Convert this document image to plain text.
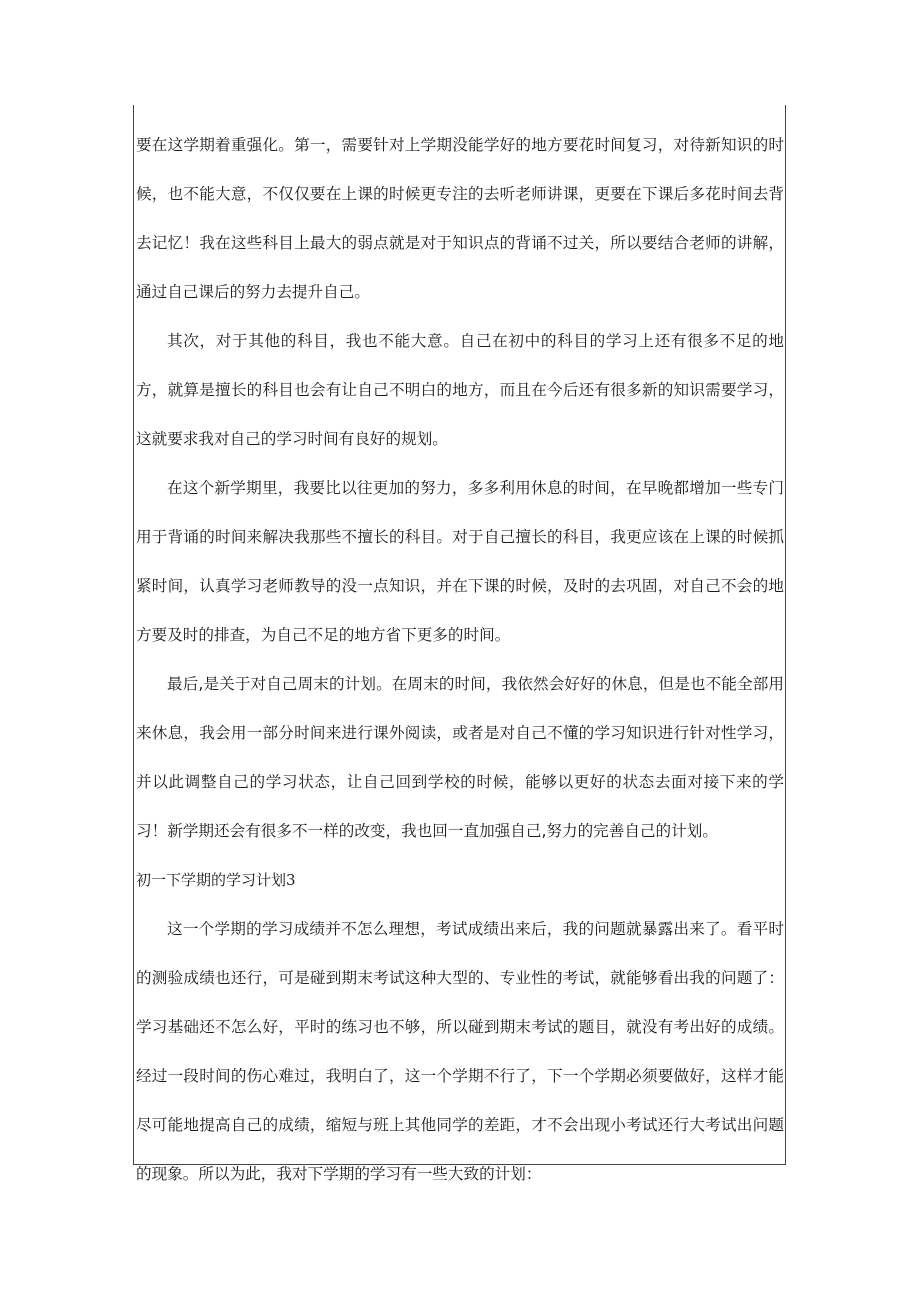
要在这学期着重强化。第一，需要针对上学期没能学好的地方要花时间复习，对待新知识的时候，也不能大意，不仅仅要在上课的时候更专注的去听老师讲课，更要在下课后多花时间去背去记忆！我在这些科目上最大的弱点就是对于知识点的背诵不过关，所以要结合老师的讲解，通过自己课后的努力去提升自己。

其次，对于其他的科目，我也不能大意。自己在初中的科目的学习上还有很多不足的地方，就算是擅长的科目也会有让自己不明白的地方，而且在今后还有很多新的知识需要学习，这就要求我对自己的学习时间有良好的规划。

在这个新学期里，我要比以往更加的努力，多多利用休息的时间，在早晚都增加一些专门用于背诵的时间来解决我那些不擅长的科目。对于自己擅长的科目，我更应该在上课的时候抓紧时间，认真学习老师教导的没一点知识，并在下课的时候，及时的去巩固，对自己不会的地方要及时的排查，为自己不足的地方省下更多的时间。

最后,是关于对自己周末的计划。在周末的时间，我依然会好好的休息，但是也不能全部用来休息，我会用一部分时间来进行课外阅读，或者是对自己不懂的学习知识进行针对性学习，并以此调整自己的学习状态，让自己回到学校的时候，能够以更好的状态去面对接下来的学习！新学期还会有很多不一样的改变，我也回一直加强自己,努力的完善自己的计划。

初一下学期的学习计划3

这一个学期的学习成绩并不怎么理想，考试成绩出来后，我的问题就暴露出来了。看平时的测验成绩也还行，可是碰到期末考试这种大型的、专业性的考试，就能够看出我的问题了：学习基础还不怎么好，平时的练习也不够，所以碰到期末考试的题目，就没有考出好的成绩。经过一段时间的伤心难过，我明白了，这一个学期不行了，下一个学期必须要做好，这样才能尽可能地提高自己的成绩，缩短与班上其他同学的差距，才不会出现小考试还行大考试出问题的现象。所以为此，我对下学期的学习有一些大致的计划：
